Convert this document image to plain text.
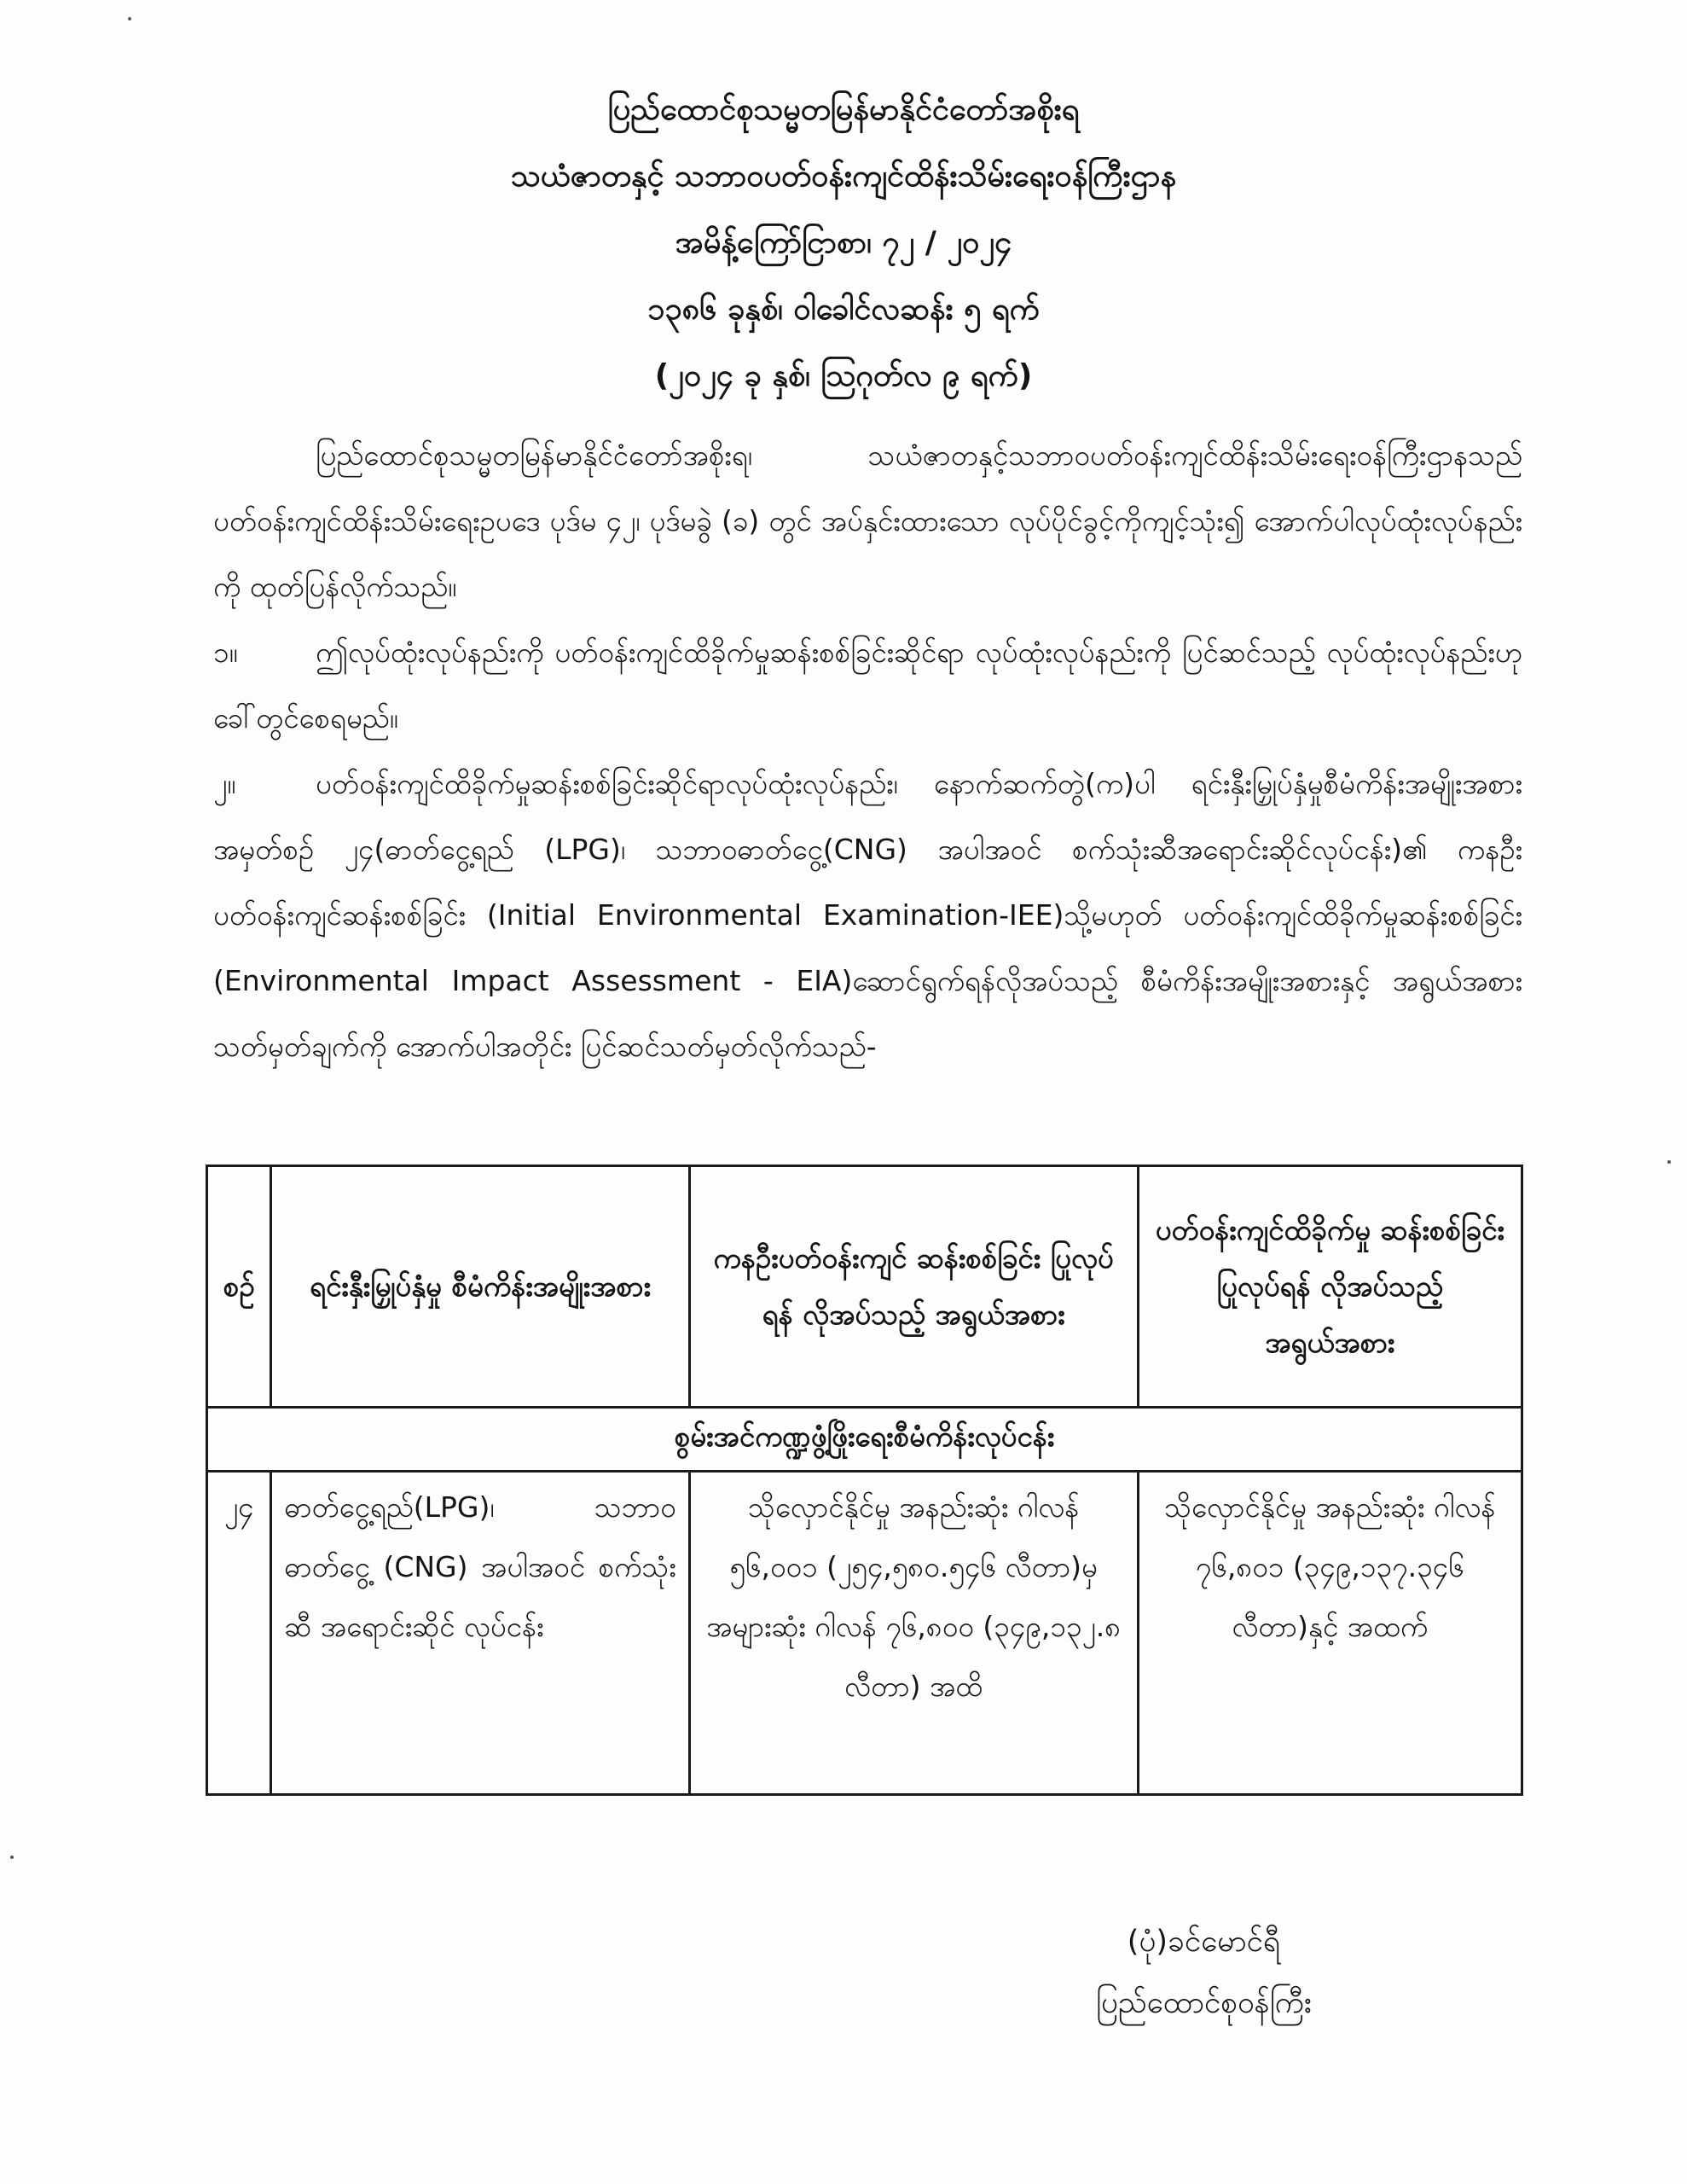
ပြည်ထောင်စုသမ္မတမြန်မာနိုင်ငံတော်အစိုးရ
သယံဇာတနှင့် သဘာဝပတ်ဝန်းကျင်ထိန်းသိမ်းရေးဝန်ကြီးဌာန
အမိန့်ကြော်ငြာစာ၊ ၇၂ / ၂၀၂၄
၁၃၈၆ ခုနှစ်၊ ဝါခေါင်လဆန်း ၅ ရက်
(၂၀၂၄ ခု နှစ်၊ ဩဂုတ်လ ၉ ရက်)

ပြည်ထောင်စုသမ္မတမြန်မာနိုင်ငံတော်အစိုးရ၊ သယံဇာတနှင့်သဘာဝပတ်ဝန်းကျင်ထိန်းသိမ်းရေးဝန်ကြီးဌာနသည် ပတ်ဝန်းကျင်ထိန်းသိမ်းရေးဥပဒေ ပုဒ်မ ၄၂၊ ပုဒ်မခွဲ (ခ) တွင် အပ်နှင်းထားသော လုပ်ပိုင်ခွင့်ကိုကျင့်သုံး၍ အောက်ပါလုပ်ထုံးလုပ်နည်းကို ထုတ်ပြန်လိုက်သည်။

၁။	ဤလုပ်ထုံးလုပ်နည်းကို ပတ်ဝန်းကျင်ထိခိုက်မှုဆန်းစစ်ခြင်းဆိုင်ရာ လုပ်ထုံးလုပ်နည်းကို ပြင်ဆင်သည့် လုပ်ထုံးလုပ်နည်းဟု ခေါ်တွင်စေရမည်။

၂။	ပတ်ဝန်းကျင်ထိခိုက်မှုဆန်းစစ်ခြင်းဆိုင်ရာလုပ်ထုံးလုပ်နည်း၊ နောက်ဆက်တွဲ(က)ပါ ရင်းနှီးမြှုပ်နှံမှုစီမံကိန်းအမျိုးအစား အမှတ်စဉ် ၂၄(ဓာတ်ငွေ့ရည် (LPG)၊ သဘာဝဓာတ်ငွေ့(CNG) အပါအဝင် စက်သုံးဆီအရောင်းဆိုင်လုပ်ငန်း)၏ ကနဦးပတ်ဝန်းကျင်ဆန်းစစ်ခြင်း (Initial Environmental Examination-IEE)သို့မဟုတ် ပတ်ဝန်းကျင်ထိခိုက်မှုဆန်းစစ်ခြင်း (Environmental Impact Assessment - EIA)ဆောင်ရွက်ရန်လိုအပ်သည့် စီမံကိန်းအမျိုးအစားနှင့် အရွယ်အစားသတ်မှတ်ချက်ကို အောက်ပါအတိုင်း ပြင်ဆင်သတ်မှတ်လိုက်သည်-

စဉ်	ရင်းနှီးမြှုပ်နှံမှု စီမံကိန်းအမျိုးအစား	ကနဦးပတ်ဝန်းကျင် ဆန်းစစ်ခြင်း ပြုလုပ်ရန် လိုအပ်သည့် အရွယ်အစား	ပတ်ဝန်းကျင်ထိခိုက်မှု ဆန်းစစ်ခြင်း ပြုလုပ်ရန် လိုအပ်သည့် အရွယ်အစား
စွမ်းအင်ကဏ္ဍဖွံ့ဖြိုးရေးစီမံကိန်းလုပ်ငန်း			
၂၄	ဓာတ်ငွေ့ရည်(LPG)၊ သဘာဝ ဓာတ်ငွေ့ (CNG) အပါအဝင် စက်သုံးဆီ အရောင်းဆိုင် လုပ်ငန်း	သိုလှောင်နိုင်မှု အနည်းဆုံး ဂါလန် ၅၆,၀၀၁ (၂၅၄,၅၈၀.၅၄၆ လီတာ)မှ အများဆုံး ဂါလန် ၇၆,၈၀၀ (၃၄၉,၁၃၂.၈ လီတာ) အထိ	သိုလှောင်နိုင်မှု အနည်းဆုံး ဂါလန် ၇၆,၈၀၁ (၃၄၉,၁၃၇.၃၄၆ လီတာ)နှင့် အထက်
(ပုံ)ခင်မောင်ရီ
ပြည်ထောင်စုဝန်ကြီး
